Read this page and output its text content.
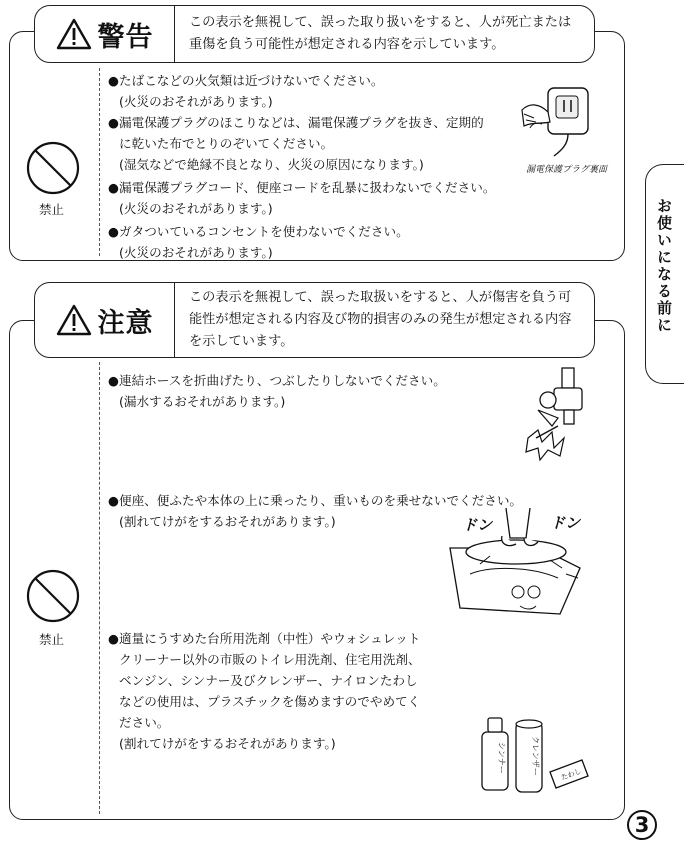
警告	この表示を無視して、誤った取り扱いをすると、人が死亡または
重傷を負う可能性が想定される内容を示しています。
禁止
●たばこなどの火気類は近づけないでください。
(火災のおそれがあります。)
●漏電保護プラグのほこりなどは、漏電保護プラグを抜き、定期的
に乾いた布でとりのぞいてください。
(湿気などで絶縁不良となり、火災の原因になります。)
●漏電保護プラグコード、便座コードを乱暴に扱わないでください。
(火災のおそれがあります。)
●ガタついているコンセントを使わないでください。
(火災のおそれがあります。)
漏電保護プラグ裏面
注意
この表示を無視して、誤った取扱いをすると、人が傷害を負う可
能性が想定される内容及び物的損害のみの発生が想定される内容
を示しています。
禁止
●連結ホースを折曲げたり、つぶしたりしないでください。
(漏水するおそれがあります。)
●便座、便ふたや本体の上に乗ったり、重いものを乗せないでください。
(割れてけがをするおそれがあります。)
●適量にうすめた台所用洗剤（中性）やウォシュレット
クリーナー以外の市販のトイレ用洗剤、住宅用洗剤、
ベンジン、シンナー及びクレンザー、ナイロンたわし
などの使用は、プラスチックを傷めますのでやめてく
ださい。
(割れてけがをするおそれがあります。)
ドン	ドン
シンナー	クレンザー	たわし
お使いになる前に
3
